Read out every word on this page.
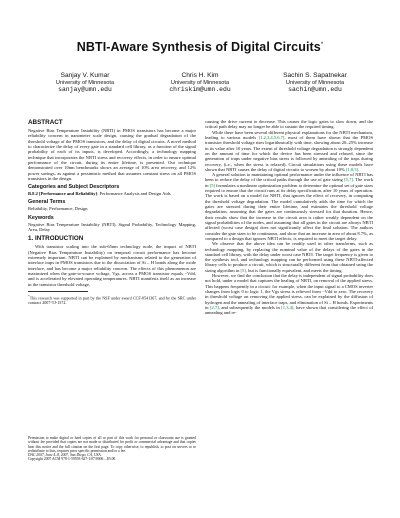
NBTI-Aware Synthesis of Digital Circuits*
Sanjay V. Kumar
University of Minnesota
sanjay@umn.edu
Chris H. Kim
University of Minnesota
chriskim@umn.edu
Sachin S. Sapatnekar
University of Minnesota
sachin@umn.edu
ABSTRACT

Negative Bias Temperature Instability (NBTI) in PMOS transistors has become a major reliability concern in nanometer scale design, causing the gradual degradation of the threshold voltage of the PMOS transistors, and the delay of digital circuits. A novel method to characterize the delay of every gate in a standard cell library, as a function of the signal probability of each of its inputs, is developed. Accordingly, a technology mapping technique that incorporates the NBTI stress and recovery effects, in order to ensure optimal performance of the circuit, during its entire lifetime, is presented. Our technique demonstrated over 10nm benchmarks shows an average of 10% area recovery, and 12% power savings, as against a pessimistic method that assumes constant stress on all PMOS transistors in the design.

Categories and Subject Descriptors

B.8.2 [Performance and Reliability]: Performance Analysis and Design Aids

General Terms

Reliability, Performance, Design

Keywords

Negative Bias Temperature Instability (NBTI), Signal Probability, Technology Mapping, Area, Delay

1. INTRODUCTION

With transistor scaling into the sub-65nm technology node, the impact of NBTI (Negative Bias Temperature Instability) on temporal circuit performance has become extremely important. NBTI can be explained by mechanisms related to the generation of interface traps in PMOS transistors due to the dissociation of Si – H bonds along the oxide interface, and has become a major reliability concern. The effects of this phenomenon are maximized when the gate-to-source voltage, Vgs, across a PMOS transistor equals −Vdd, and is accelerated by elevated operating temperatures. NBTI manifests itself as an increase in the transistor threshold voltage,

*This research was supported in part by the NSF under award CCF-0541367, and by the SRC under contract 2007-TJ-1572.

Permission to make digital or hard copies of all or part of this work for personal or classroom use is granted without fee provided that copies are not made or distributed for profit or commercial advantage and that copies bear this notice and the full citation on the first page. To copy otherwise, to republish, to post on servers or to redistribute to lists, requires prior specific permission and/or a fee.

DAC 2007, June 4–8, 2007, San Diego, CA, USA.

Copyright 2007 ACM 978-1-59593-627-1/07/0006 ...$5.00.

causing the drive current to decrease. This causes the logic gates to slow down, and the critical path delay may no longer be able to sustain the required timing.

While there have been several different physical explanations for the NBTI mechanism, leading to various models [1,2,3,4,5,6,7], most of them have shown that the PMOS transistor threshold voltage rises logarithmically with time, showing about 20–25% increase in its value after 10 years. The extent of threshold voltage degradation is strongly dependent on the amount of time for which the device has been stressed and relaxed, since the generation of traps under negative bias stress is followed by annealing of the traps during recovery, (i.e., when the stress is relaxed). Circuit simulations using these models have shown that NBTI causes the delay of digital circuits to worsen by about 10% [1,8,5].

A general solution to maintaining optimal performance under the influence of NBTI has been to reduce the delay of the critical paths through the use of gate sizing [5,7]. The work in [5] formulates a nonlinear optimization problem to determine the optimal set of gate sizes required to ensure that the circuit runs at its delay specification, after 10 years of operation. The work is based on a model for NBTI, that ignores the effect of recovery, in computing the threshold voltage degradation. The model cumulatively adds the time for which the gates are stressed during their entire lifetime, and estimates the threshold voltage degradation, assuming that the gates are continuously stressed for that duration. Hence, their results show that the increase in the circuit area is rather weakly dependent on the signal probabilities of the nodes, and assuming that all gates in the circuit are always NBTI affected (worst case design) does not significantly affect the final solution. The authors consider the gate sizes to be continuous, and show that an increase in area of about 8.7%, as compared to a design that ignores NBTI effects, is required to meet the target delay.

We observe that the above idea can be readily used in other transforms, such as technology mapping, by replacing the nominal value of the delays of the gates in the standard cell library, with the delay under worst case NBTI. The target frequency is given to the synthesis tool, and technology mapping can be performed using these NBTI-affected library cells to produce a circuit, which is structurally different from that obtained using the sizing algorithm in [5], but is functionally equivalent, and meets the timing.

However, we find the conclusion that the delay is independent of signal probability does not hold, under a model that captures the healing of NBTI, on removal of the applied stress. This happens frequently in a circuit: for example, when the input signal to a CMOS inverter changes from logic 0 to logic 1, the Vgs stress is relieved from −Vdd to zero. The recovery in threshold voltage on removing the applied stress, can be explained by the diffusion of hydrogen and the annealing of interface traps, and elimination of Si – H bonds. Experiments in [2,7], and subsequently the models in [1,3,4], have shown that considering the effect of annealing and re-
